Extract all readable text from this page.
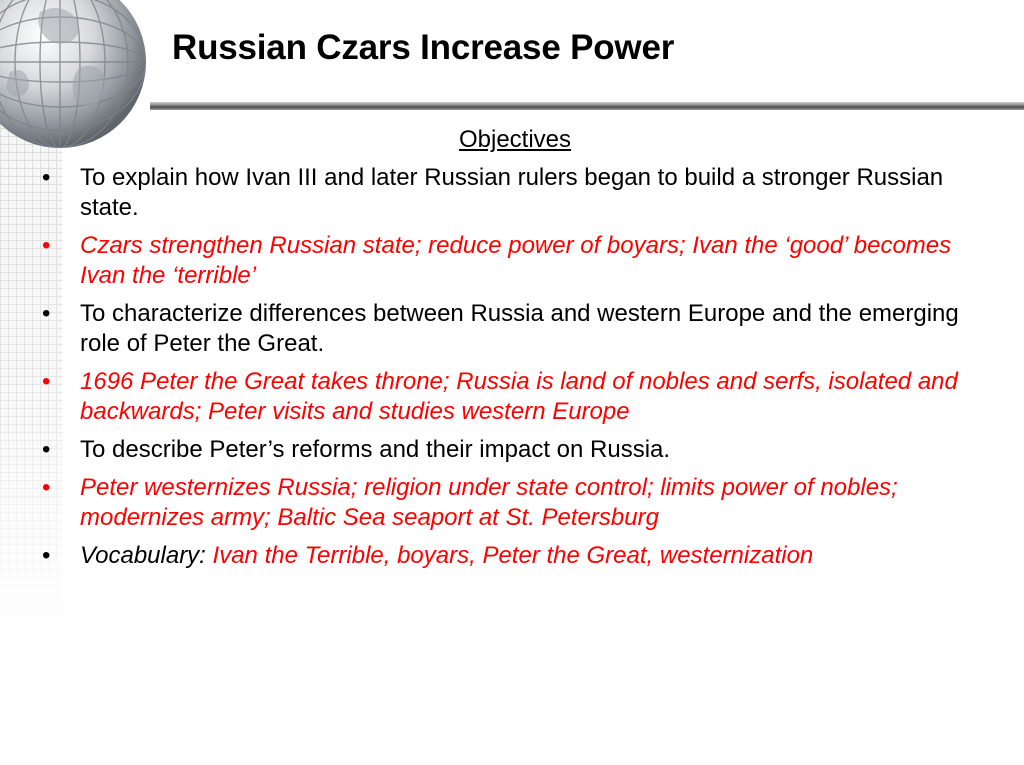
Russian Czars Increase Power
Objectives
•	To explain how Ivan III and later Russian rulers began to build a stronger Russian state.
•	Czars strengthen Russian state; reduce power of boyars; Ivan the ‘good’ becomes Ivan the ‘terrible’
•	To characterize differences between Russia and western Europe and the emerging role of Peter the Great.
•	1696 Peter the Great takes throne; Russia is land of nobles and serfs, isolated and backwards; Peter visits and studies western Europe
•	To describe Peter’s reforms and their impact on Russia.
•	Peter westernizes Russia; religion under state control; limits power of nobles; modernizes army; Baltic Sea seaport at St. Petersburg
•	Vocabulary: Ivan the Terrible, boyars, Peter the Great, westernization
